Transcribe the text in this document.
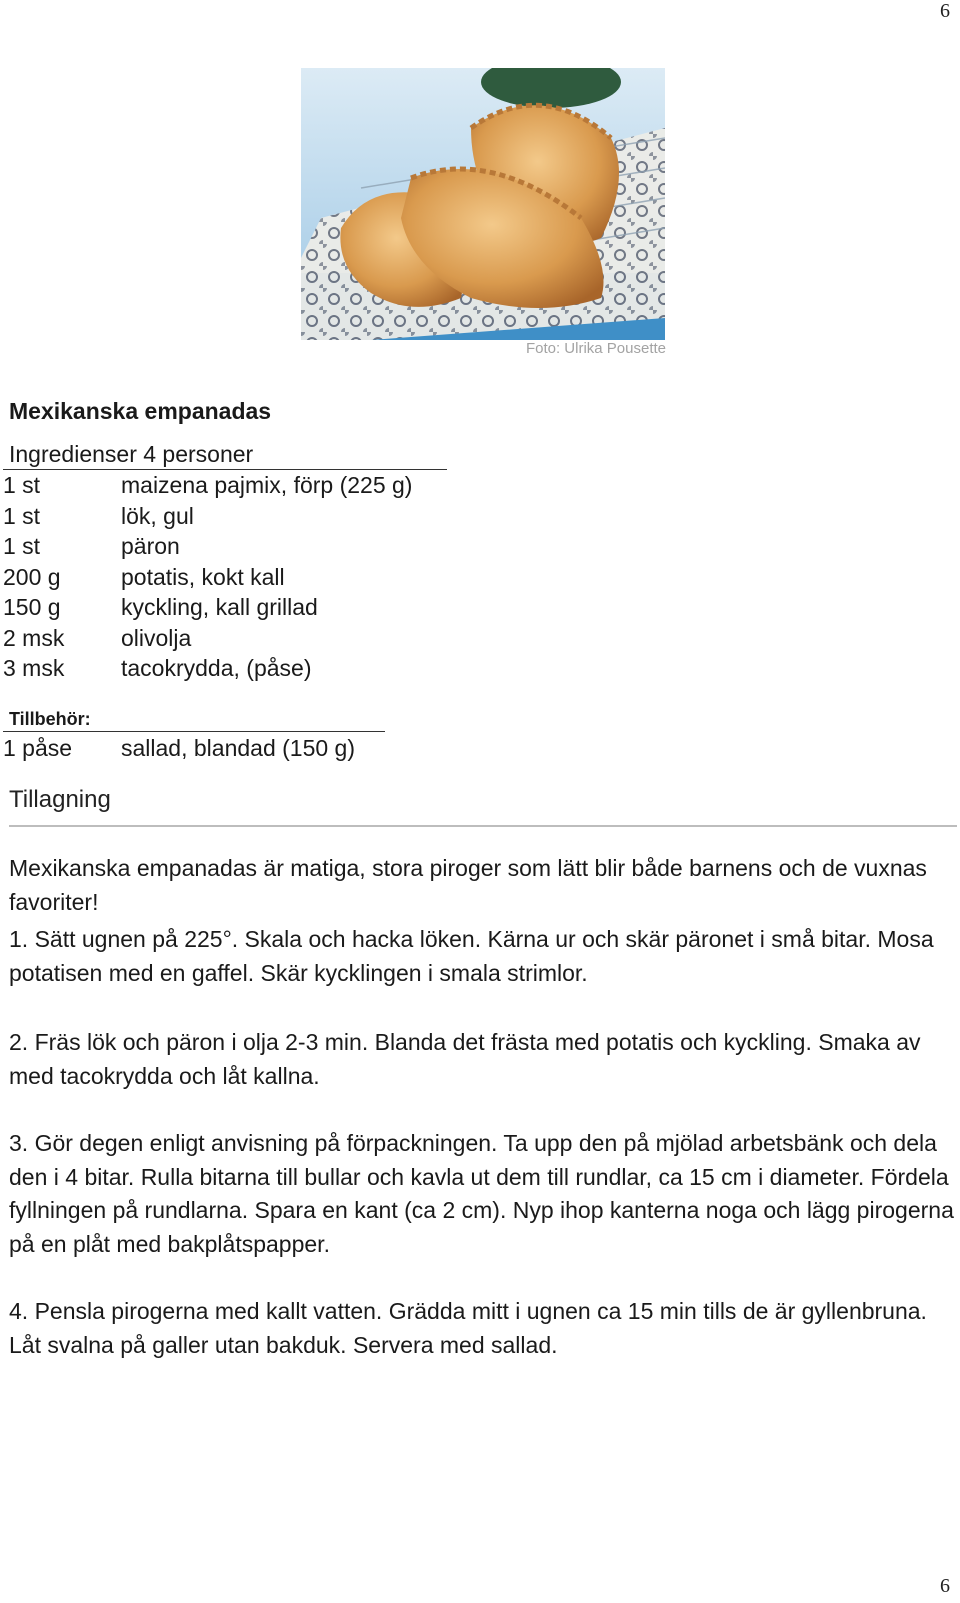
6
Foto: Ulrika Pousette
Mexikanska empanadas
Ingredienser 4 personer
1 st	maizena pajmix, förp (225 g)
1 st	lök, gul
1 st	päron
200 g	potatis, kokt kall
150 g	kyckling, kall grillad
2 msk olivolja
3 msk tacokrydda, (påse)
Tillbehör:
1 påse sallad, blandad (150 g)
Tillagning
Mexikanska empanadas är matiga, stora piroger som lätt blir både barnens och de vuxnas favoriter!
1. Sätt ugnen på 225°. Skala och hacka löken. Kärna ur och skär päronet i små bitar. Mosa potatisen med en gaffel. Skär kycklingen i smala strimlor.
2. Fräs lök och päron i olja 2-3 min. Blanda det frästa med potatis och kyckling. Smaka av med tacokrydda och låt kallna.
3. Gör degen enligt anvisning på förpackningen. Ta upp den på mjölad arbetsbänk och dela den i 4 bitar. Rulla bitarna till bullar och kavla ut dem till rundlar, ca 15 cm i diameter. Fördela fyllningen på rundlarna. Spara en kant (ca 2 cm). Nyp ihop kanterna noga och lägg pirogerna på en plåt med bakplåtspapper.
4. Pensla pirogerna med kallt vatten. Grädda mitt i ugnen ca 15 min tills de är gyllenbruna. Låt svalna på galler utan bakduk. Servera med sallad.
6
